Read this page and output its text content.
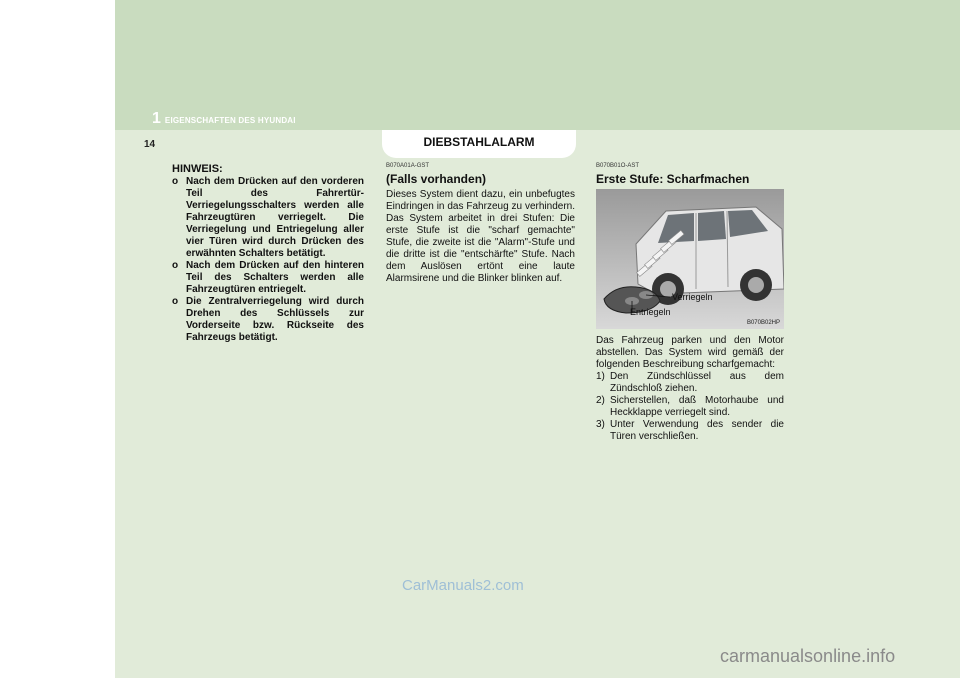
1 EIGENSCHAFTEN DES HYUNDAI
14	DIEBSTAHLALARM
HINWEIS:
o Nach dem Drücken auf den vorderen Teil des Fahrertür-Verriegelungsschalters werden alle Fahrzeugtüren verriegelt. Die Verriegelung und Entriegelung aller vier Türen wird durch Drücken des erwähnten Schalters betätigt.
o Nach dem Drücken auf den hinteren Teil des Schalters werden alle Fahrzeugtüren entriegelt.
o Die Zentralverriegelung wird durch Drehen des Schlüssels zur Vorderseite bzw. Rückseite des Fahrzeugs betätigt.
B070A01A-GST
(Falls vorhanden)
Dieses System dient dazu, ein unbefugtes Eindringen in das Fahrzeug zu verhindern. Das System arbeitet in drei Stufen: Die erste Stufe ist die "scharf gemachte" Stufe, die zweite ist die "Alarm"-Stufe und die dritte ist die "entschärfte" Stufe. Nach dem Auslösen ertönt eine laute Alarmsirene und die Blinker blinken auf.
B070B01O-AST
Erste Stufe: Scharfmachen
Verriegeln
Entriegeln
B070B02HP
Das Fahrzeug parken und den Motor abstellen. Das System wird gemäß der folgenden Beschreibung scharfgemacht:
1) Den Zündschlüssel aus dem Zündschloß ziehen.
2) Sicherstellen, daß Motorhaube und Heckklappe verriegelt sind.
3) Unter Verwendung des sender die Türen verschließen.
CarManuals2.com
carmanualsonline.info
